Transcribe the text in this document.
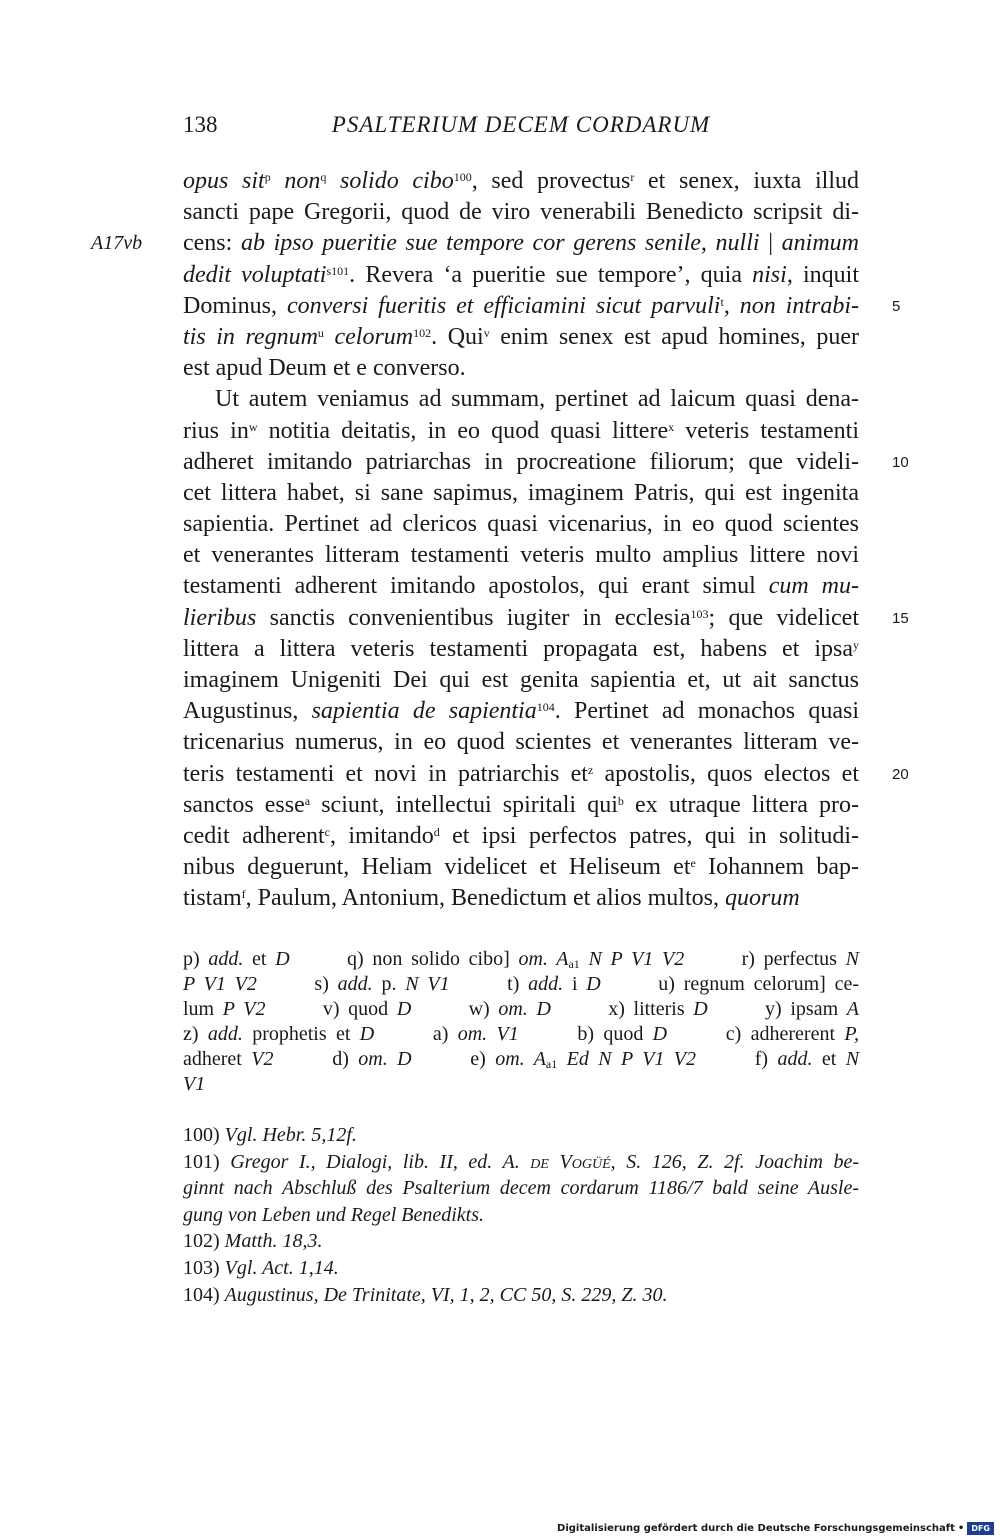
138	PSALTERIUM DECEM CORDARUM
opus sit$^p$ non$^q$ solido cibo$^{100}$, sed provectus$^r$ et senex, iuxta illud
sancti pape Gregorii, quod de viro venerabili Benedicto scripsit di-
cens: ab ipso pueritie sue tempore cor gerens senile, nulli | animum
A17vb
dedit voluptati$^{s101}$. Revera ‘a pueritie sue tempore’, quia nisi, inquit
Dominus, conversi fueritis et efficiamini sicut parvuli$^t$, non intrabi- 5
tis in regnum$^u$ celorum$^{102}$. Qui$^v$ enim senex est apud homines, puer
est apud Deum et e converso.
Ut autem veniamus ad summam, pertinet ad laicum quasi dena-
rius $in^w$ notitia deitatis, in eo quod quasi littere$^x$ veteris testamenti
adheret imitando patriarchas in procreatione filiorum; que videli- 10
cet littera habet, si sane sapimus, imaginem Patris, qui est ingenita
sapientia. Pertinet ad clericos quasi vicenarius, in eo quod scientes
et venerantes litteram testamenti veteris multo amplius littere novi
testamenti adherent imitando apostolos, qui erant simul cum mu-
lieribus sanctis convenientibus iugiter in ecclesia$^{103}$; que videlicet 15
littera a littera veteris testamenti propagata est, habens et ipsa$^y$
imaginem Unigeniti Dei qui est genita sapientia et, ut ait sanctus
Augustinus, sapientia de sapientia$^{104}$. Pertinet ad monachos quasi
tricenarius numerus, in eo quod scientes et venerantes litteram ve-
teris testamenti et novi in patriarchis $et^z$ apostolis, quos electos et 20
sanctos esse$^a$ sciunt, intellectui spiritali qui$^b$ ex utraque littera pro-
cedit adherent$^c$, imitando$^d$ et ipsi perfectos patres, qui in solitudi-
nibus deguerunt, Heliam videlicet et Heliseum $et^e$ Iohannem bap-
tistam$^f$, Paulum, Antonium, Benedictum et alios multos, quorum
p) add. et D    q) non solido cibo] om. $A_{a1}$ N P V1 V2    r) perfectus N
P V1 V2    s) add. p. N V1    t) add. i D    u) regnum celorum] ce-
lum P V2    v) quod D    w) om. D    x) litteris D    y) ipsam A
z) add. prophetis et D    a) om. V1    b) quod D    c) adhererent P,
adheret V2    d) om. D    e) om. $A_{a1}$ Ed N P V1 V2    f) add. et N
V1
100) Vgl. Hebr. 5,12f.
101) Gregor I., Dialogi, lib. II, ed. A. de Vogüé, S. 126, Z. 2f. Joachim be-
ginnt nach Abschluß des Psalterium decem cordarum 1186/7 bald seine Ausle-
gung von Leben und Regel Benedikts.
102) Matth. 18,3.
103) Vgl. Act. 1,14.
104) Augustinus, De Trinitate, VI, 1, 2, CC 50, S. 229, Z. 30.
Digitalisierung gefördert durch die Deutsche Forschungsgemeinschaft • DFG
